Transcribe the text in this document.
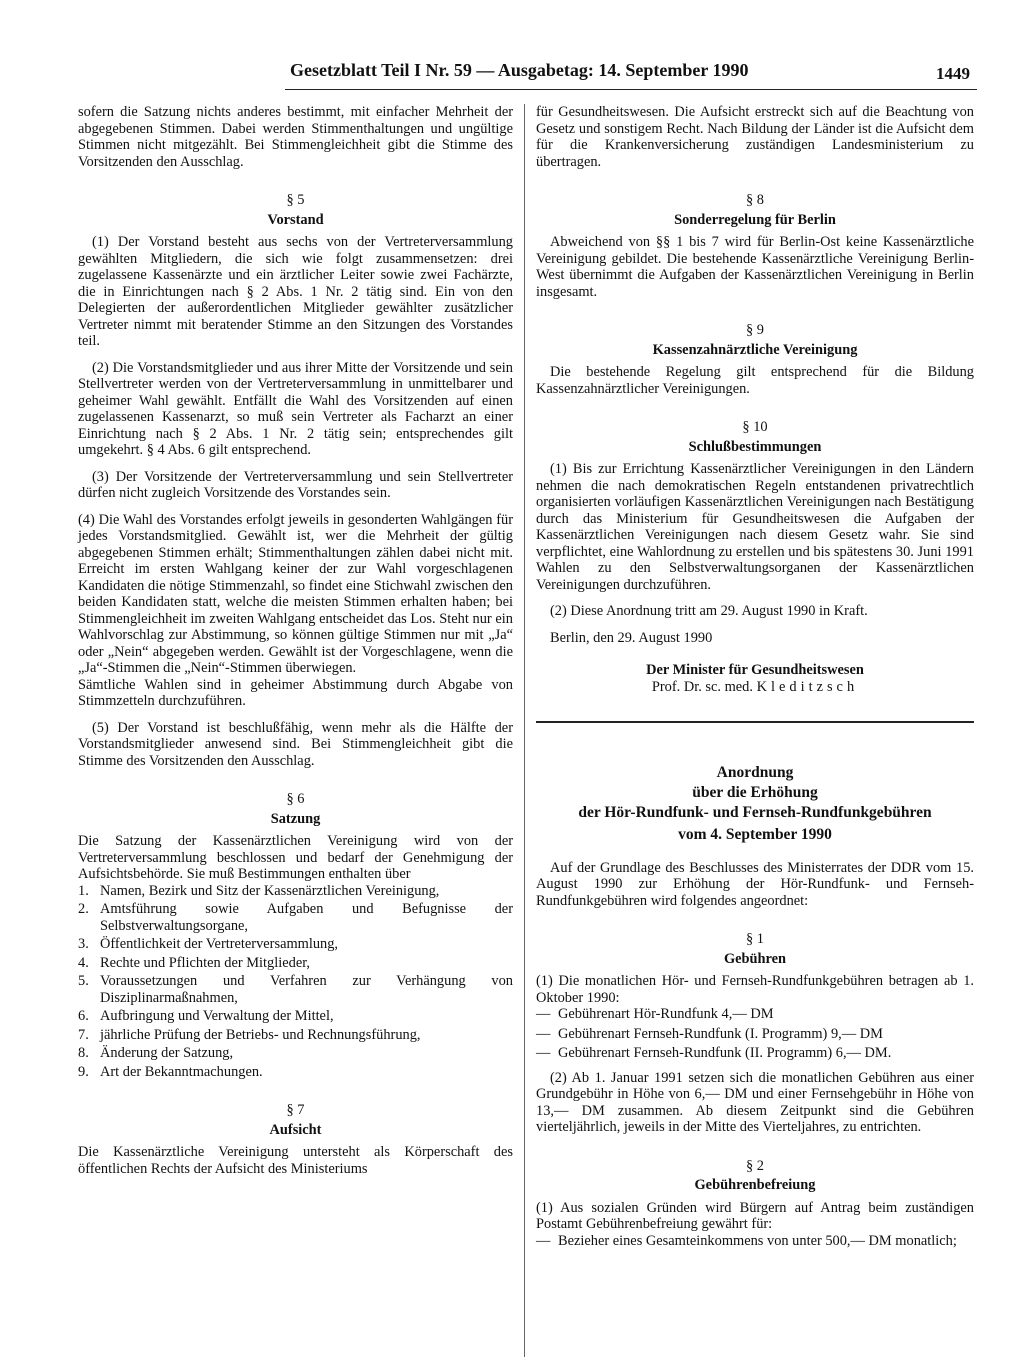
Gesetzblatt Teil I Nr. 59 — Ausgabetag: 14. September 1990	1449

sofern die Satzung nichts anderes bestimmt, mit einfacher Mehrheit der abgegebenen Stimmen. Dabei werden Stimmenthaltungen und ungültige Stimmen nicht mitgezählt. Bei Stimmengleichheit gibt die Stimme des Vorsitzenden den Ausschlag.

§ 5
Vorstand

(1) Der Vorstand besteht aus sechs von der Vertreterversammlung gewählten Mitgliedern, die sich wie folgt zusammensetzen: drei zugelassene Kassenärzte und ein ärztlicher Leiter sowie zwei Fachärzte, die in Einrichtungen nach § 2 Abs. 1 Nr. 2 tätig sind. Ein von den Delegierten der außerordentlichen Mitglieder gewählter zusätzlicher Vertreter nimmt mit beratender Stimme an den Sitzungen des Vorstandes teil.

(2) Die Vorstandsmitglieder und aus ihrer Mitte der Vorsitzende und sein Stellvertreter werden von der Vertreterversammlung in unmittelbarer und geheimer Wahl gewählt. Entfällt die Wahl des Vorsitzenden auf einen zugelassenen Kassenarzt, so muß sein Vertreter als Facharzt an einer Einrichtung nach § 2 Abs. 1 Nr. 2 tätig sein; entsprechendes gilt umgekehrt. § 4 Abs. 6 gilt entsprechend.

(3) Der Vorsitzende der Vertreterversammlung und sein Stellvertreter dürfen nicht zugleich Vorsitzende des Vorstandes sein.

(4) Die Wahl des Vorstandes erfolgt jeweils in gesonderten Wahlgängen für jedes Vorstandsmitglied. Gewählt ist, wer die Mehrheit der gültig abgegebenen Stimmen erhält; Stimmenthaltungen zählen dabei nicht mit. Erreicht im ersten Wahlgang keiner der zur Wahl vorgeschlagenen Kandidaten die nötige Stimmenzahl, so findet eine Stichwahl zwischen den beiden Kandidaten statt, welche die meisten Stimmen erhalten haben; bei Stimmengleichheit im zweiten Wahlgang entscheidet das Los. Steht nur ein Wahlvorschlag zur Abstimmung, so können gültige Stimmen nur mit „Ja“ oder „Nein“ abgegeben werden. Gewählt ist der Vorgeschlagene, wenn die „Ja“-Stimmen die „Nein“-Stimmen überwiegen.

Sämtliche Wahlen sind in geheimer Abstimmung durch Abgabe von Stimmzetteln durchzuführen.

(5) Der Vorstand ist beschlußfähig, wenn mehr als die Hälfte der Vorstandsmitglieder anwesend sind. Bei Stimmengleichheit gibt die Stimme des Vorsitzenden den Ausschlag.

§ 6
Satzung

Die Satzung der Kassenärztlichen Vereinigung wird von der Vertreterversammlung beschlossen und bedarf der Genehmigung der Aufsichtsbehörde. Sie muß Bestimmungen enthalten über

1. Namen, Bezirk und Sitz der Kassenärztlichen Vereinigung,
2. Amtsführung sowie Aufgaben und Befugnisse der Selbstverwaltungsorgane,
3. Öffentlichkeit der Vertreterversammlung,
4. Rechte und Pflichten der Mitglieder,
5. Voraussetzungen und Verfahren zur Verhängung von Disziplinarmaßnahmen,
6. Aufbringung und Verwaltung der Mittel,
7. jährliche Prüfung der Betriebs- und Rechnungsführung,
8. Änderung der Satzung,
9. Art der Bekanntmachungen.
§ 7
Aufsicht

Die Kassenärztliche Vereinigung untersteht als Körperschaft des öffentlichen Rechts der Aufsicht des Ministeriums

für Gesundheitswesen. Die Aufsicht erstreckt sich auf die Beachtung von Gesetz und sonstigem Recht. Nach Bildung der Länder ist die Aufsicht dem für die Krankenversicherung zuständigen Landesministerium zu übertragen.

§ 8
Sonderregelung für Berlin

Abweichend von §§ 1 bis 7 wird für Berlin-Ost keine Kassenärztliche Vereinigung gebildet. Die bestehende Kassenärztliche Vereinigung Berlin-West übernimmt die Aufgaben der Kassenärztlichen Vereinigung in Berlin insgesamt.

§ 9
Kassenzahnärztliche Vereinigung

Die bestehende Regelung gilt entsprechend für die Bildung Kassenzahnärztlicher Vereinigungen.

§ 10
Schlußbestimmungen

(1) Bis zur Errichtung Kassenärztlicher Vereinigungen in den Ländern nehmen die nach demokratischen Regeln entstandenen privatrechtlich organisierten vorläufigen Kassenärztlichen Vereinigungen nach Bestätigung durch das Ministerium für Gesundheitswesen die Aufgaben der Kassenärztlichen Vereinigungen nach diesem Gesetz wahr. Sie sind verpflichtet, eine Wahlordnung zu erstellen und bis spätestens 30. Juni 1991 Wahlen zu den Selbstverwaltungsorganen der Kassenärztlichen Vereinigungen durchzuführen.

(2) Diese Anordnung tritt am 29. August 1990 in Kraft.

Berlin, den 29. August 1990

Der Minister für Gesundheitswesen

Prof. Dr. sc. med. Kleditzsch

Anordnung

über die Erhöhung

der Hör-Rundfunk- und Fernseh-Rundfunkgebühren

vom 4. September 1990

Auf der Grundlage des Beschlusses des Ministerrates der DDR vom 15. August 1990 zur Erhöhung der Hör-Rundfunk- und Fernseh-Rundfunkgebühren wird folgendes angeordnet:

§ 1
Gebühren

(1) Die monatlichen Hör- und Fernseh-Rundfunkgebühren betragen ab 1. Oktober 1990:

— Gebührenart Hör-Rundfunk 4,— DM
— Gebührenart Fernseh-Rundfunk (I. Programm) 9,— DM
— Gebührenart Fernseh-Rundfunk (II. Programm) 6,— DM.

(2) Ab 1. Januar 1991 setzen sich die monatlichen Gebühren aus einer Grundgebühr in Höhe von 6,— DM und einer Fernsehgebühr in Höhe von 13,— DM zusammen. Ab diesem Zeitpunkt sind die Gebühren vierteljährlich, jeweils in der Mitte des Vierteljahres, zu entrichten.

§ 2
Gebührenbefreiung

(1) Aus sozialen Gründen wird Bürgern auf Antrag beim zuständigen Postamt Gebührenbefreiung gewährt für:

— Bezieher eines Gesamteinkommens von unter 500,— DM monatlich;
